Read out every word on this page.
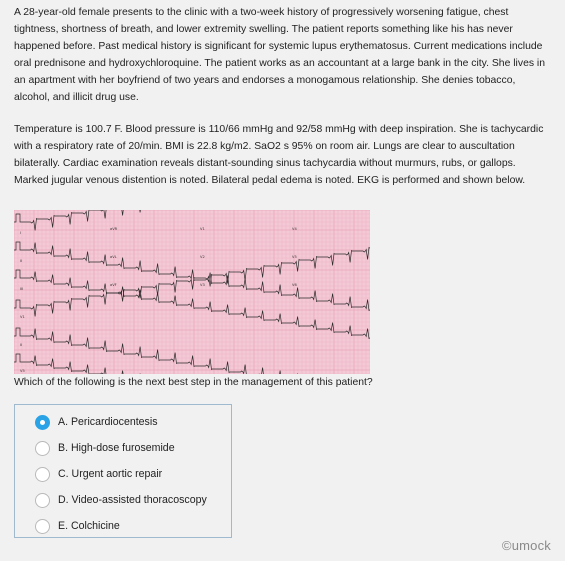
A 28-year-old female presents to the clinic with a two-week history of progressively worsening fatigue, chest tightness, shortness of breath, and lower extremity swelling. The patient reports something like his has never happened before. Past medical history is significant for systemic lupus erythematosus. Current medications include oral prednisone and hydroxychloroquine. The patient works as an accountant at a large bank in the city. She lives in an apartment with her boyfriend of two years and endorses a monogamous relationship. She denies tobacco, alcohol, and illicit drug use.

Temperature is 100.7 F. Blood pressure is 110/66 mmHg and 92/58 mmHg with deep inspiration. She is tachycardic with a respiratory rate of 20/min. BMI is 22.8 kg/m2. SaO2 s 95% on room air. Lungs are clear to auscultation bilaterally. Cardiac examination reveals distant-sounding sinus tachycardia without murmurs, rubs, or gallops. Marked jugular venous distention is noted. Bilateral pedal edema is noted. EKG is performed and shown below.

I
aVR	V1	V4
II
aVL	V2	V5
III
aVF	V3	V6
V1
II
V5

Which of the following is the next best step in the management of this patient?

A. Pericardiocentesis
B. High-dose furosemide
C. Urgent aortic repair
D. Video-assisted thoracoscopy
E. Colchicine
©umock
